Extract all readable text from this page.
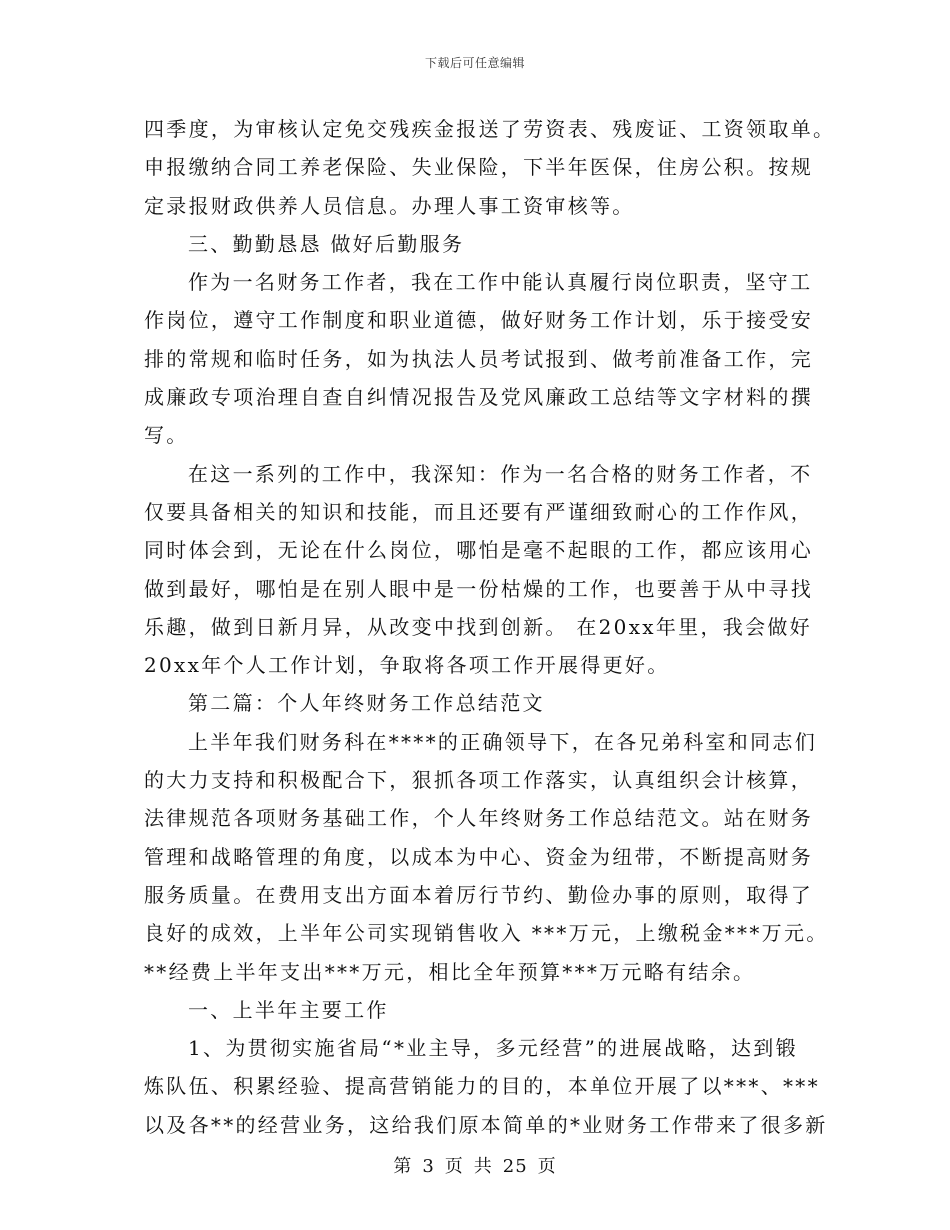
下载后可任意编辑
四季度，为审核认定免交残疾金报送了劳资表、残废证、工资领取单。
申报缴纳合同工养老保险、失业保险，下半年医保，住房公积。按规
定录报财政供养人员信息。办理人事工资审核等。
三、勤勤恳恳 做好后勤服务
作为一名财务工作者，我在工作中能认真履行岗位职责，坚守工
作岗位，遵守工作制度和职业道德，做好财务工作计划，乐于接受安
排的常规和临时任务，如为执法人员考试报到、做考前准备工作，完
成廉政专项治理自查自纠情况报告及党风廉政工总结等文字材料的撰
写。
在这一系列的工作中，我深知：作为一名合格的财务工作者，不
仅要具备相关的知识和技能，而且还要有严谨细致耐心的工作作风，
同时体会到，无论在什么岗位，哪怕是毫不起眼的工作，都应该用心
做到最好，哪怕是在别人眼中是一份枯燥的工作，也要善于从中寻找
乐趣，做到日新月异，从改变中找到创新。 在20xx年里，我会做好
20xx年个人工作计划，争取将各项工作开展得更好。
第二篇：个人年终财务工作总结范文
上半年我们财务科在****的正确领导下，在各兄弟科室和同志们
的大力支持和积极配合下，狠抓各项工作落实，认真组织会计核算，
法律规范各项财务基础工作，个人年终财务工作总结范文。站在财务
管理和战略管理的角度，以成本为中心、资金为纽带，不断提高财务
服务质量。在费用支出方面本着厉行节约、勤俭办事的原则，取得了
良好的成效，上半年公司实现销售收入 ***万元，上缴税金***万元。
**经费上半年支出***万元，相比全年预算***万元略有结余。
一、上半年主要工作
1、为贯彻实施省局“*业主导，多元经营”的进展战略，达到锻
炼队伍、积累经验、提高营销能力的目的，本单位开展了以***、***
以及各**的经营业务，这给我们原本简单的*业财务工作带来了很多新
第 3 页 共 25 页
